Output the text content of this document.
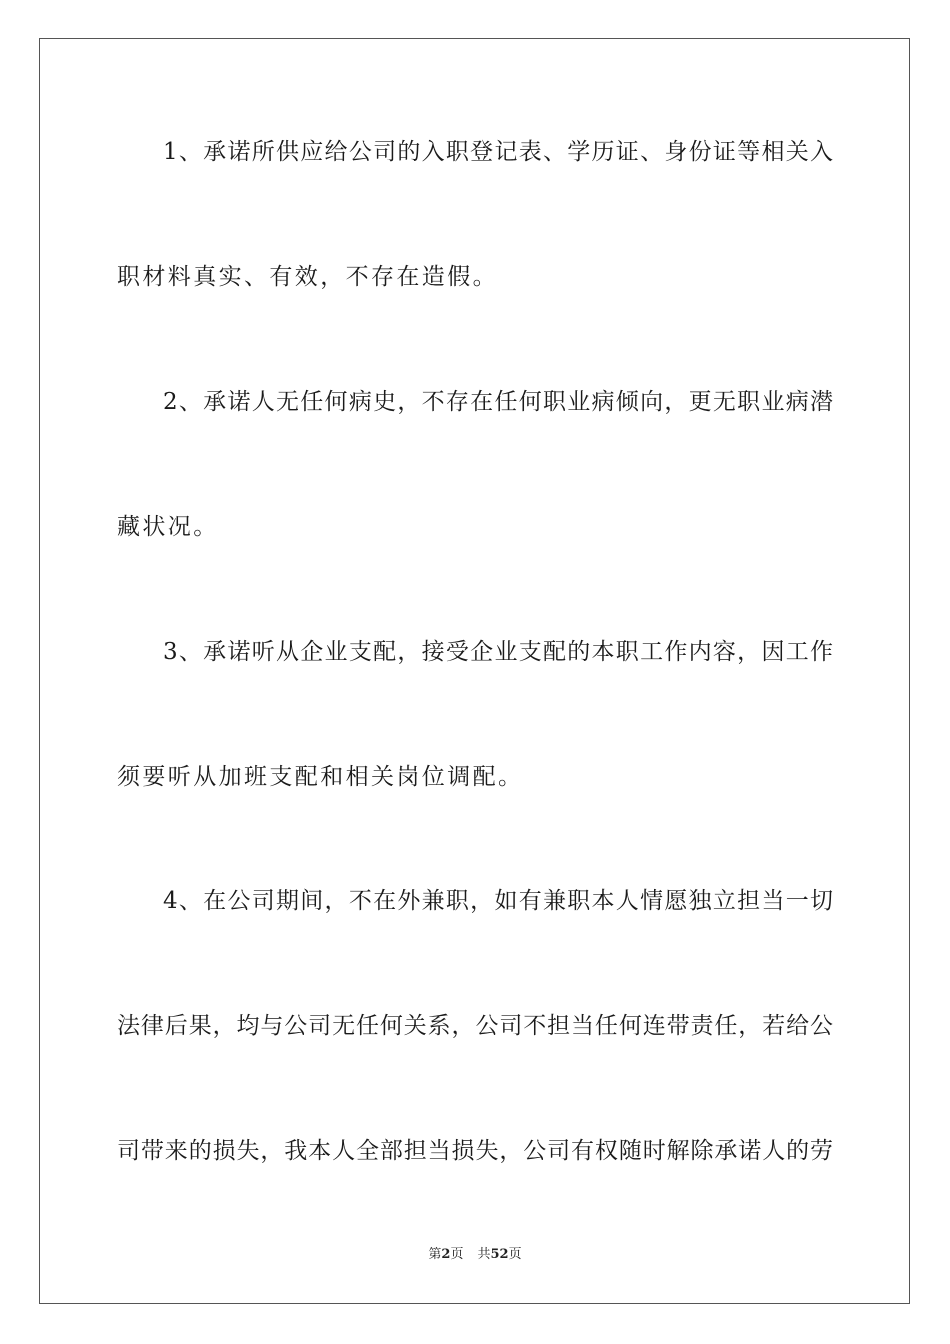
1、承诺所供应给公司的入职登记表、学历证、身份证等相关入
职材料真实、有效，不存在造假。
2、承诺人无任何病史，不存在任何职业病倾向，更无职业病潜
藏状况。
3、承诺听从企业支配，接受企业支配的本职工作内容，因工作
须要听从加班支配和相关岗位调配。
4、在公司期间，不在外兼职，如有兼职本人情愿独立担当一切
法律后果，均与公司无任何关系，公司不担当任何连带责任，若给公
司带来的损失，我本人全部担当损失，公司有权随时解除承诺人的劳
第2页 共52页
